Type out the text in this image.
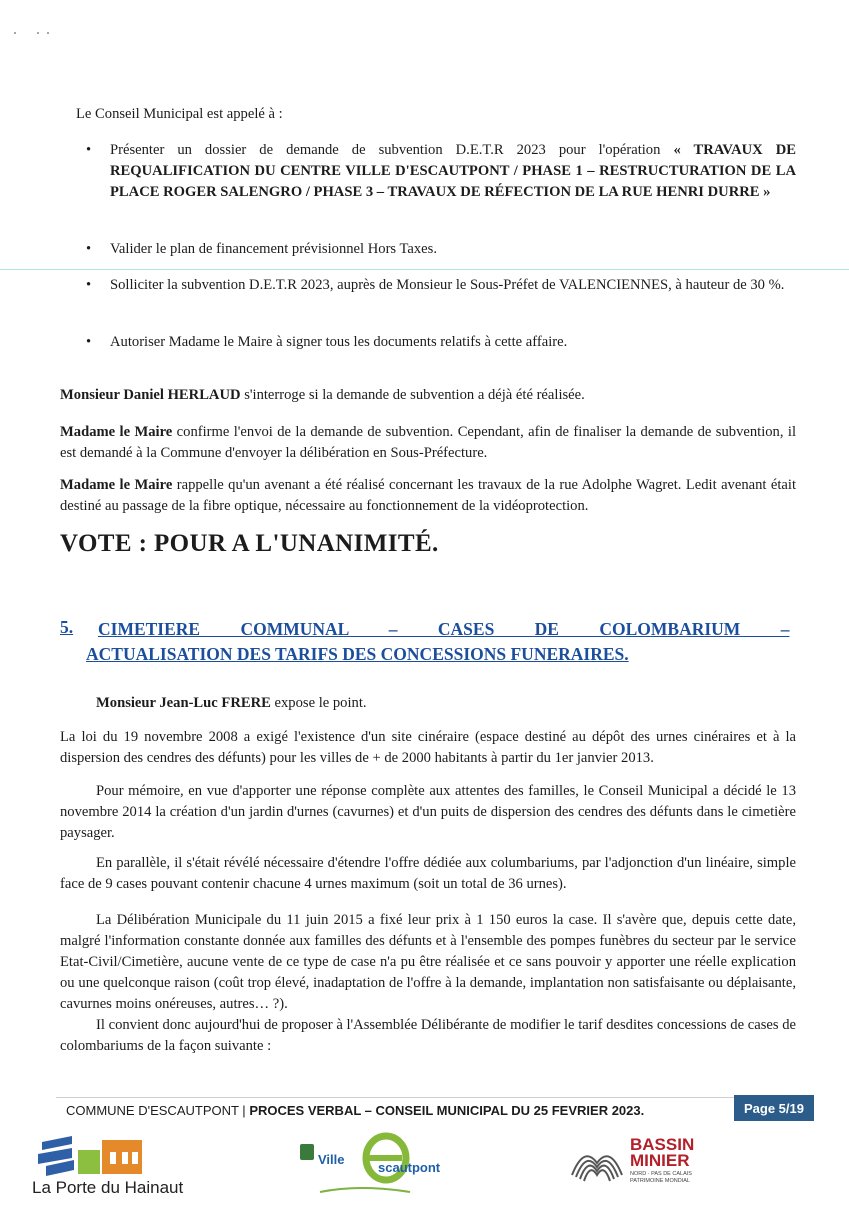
Le Conseil Municipal est appelé à :
• Présenter un dossier de demande de subvention D.E.T.R 2023 pour l'opération « TRAVAUX DE REQUALIFICATION DU CENTRE VILLE D'ESCAUTPONT / PHASE 1 – RESTRUCTURATION DE LA PLACE ROGER SALENGRO / PHASE 3 – TRAVAUX DE RÉFECTION DE LA RUE HENRI DURRE »
• Valider le plan de financement prévisionnel Hors Taxes.
• Solliciter la subvention D.E.T.R 2023, auprès de Monsieur le Sous-Préfet de VALENCIENNES, à hauteur de 30 %.
• Autoriser Madame le Maire à signer tous les documents relatifs à cette affaire.
Monsieur Daniel HERLAUD s'interroge si la demande de subvention a déjà été réalisée.
Madame le Maire confirme l'envoi de la demande de subvention. Cependant, afin de finaliser la demande de subvention, il est demandé à la Commune d'envoyer la délibération en Sous-Préfecture.
Madame le Maire rappelle qu'un avenant a été réalisé concernant les travaux de la rue Adolphe Wagret. Ledit avenant était destiné au passage de la fibre optique, nécessaire au fonctionnement de la vidéoprotection.
VOTE : POUR A L'UNANIMITÉ.
5. CIMETIERE COMMUNAL – CASES DE COLOMBARIUM –
ACTUALISATION DES TARIFS DES CONCESSIONS FUNERAIRES.
Monsieur Jean-Luc FRERE expose le point.
La loi du 19 novembre 2008 a exigé l'existence d'un site cinéraire (espace destiné au dépôt des urnes cinéraires et à la dispersion des cendres des défunts) pour les villes de + de 2000 habitants à partir du 1er janvier 2013.
Pour mémoire, en vue d'apporter une réponse complète aux attentes des familles, le Conseil Municipal a décidé le 13 novembre 2014 la création d'un jardin d'urnes (cavurnes) et d'un puits de dispersion des cendres des défunts dans le cimetière paysager.
En parallèle, il s'était révélé nécessaire d'étendre l'offre dédiée aux columbariums, par l'adjonction d'un linéaire, simple face de 9 cases pouvant contenir chacune 4 urnes maximum (soit un total de 36 urnes).
La Délibération Municipale du 11 juin 2015 a fixé leur prix à 1 150 euros la case. Il s'avère que, depuis cette date, malgré l'information constante donnée aux familles des défunts et à l'ensemble des pompes funèbres du secteur par le service Etat-Civil/Cimetière, aucune vente de ce type de case n'a pu être réalisée et ce sans pouvoir y apporter une réelle explication ou une quelconque raison (coût trop élevé, inadaptation de l'offre à la demande, implantation non satisfaisante ou déplaisante, cavurnes moins onéreuses, autres… ?).
Il convient donc aujourd'hui de proposer à l'Assemblée Délibérante de modifier le tarif desdites concessions de cases de colombariums de la façon suivante :
COMMUNE D'ESCAUTPONT | PROCES VERBAL – CONSEIL MUNICIPAL DU 25 FEVRIER 2023.	Page 5/19
La Porte du Hainaut
Ville
scautpont
BASSIN
MINIER
NORD · PAS DE CALAIS
PATRIMOINE MONDIAL
